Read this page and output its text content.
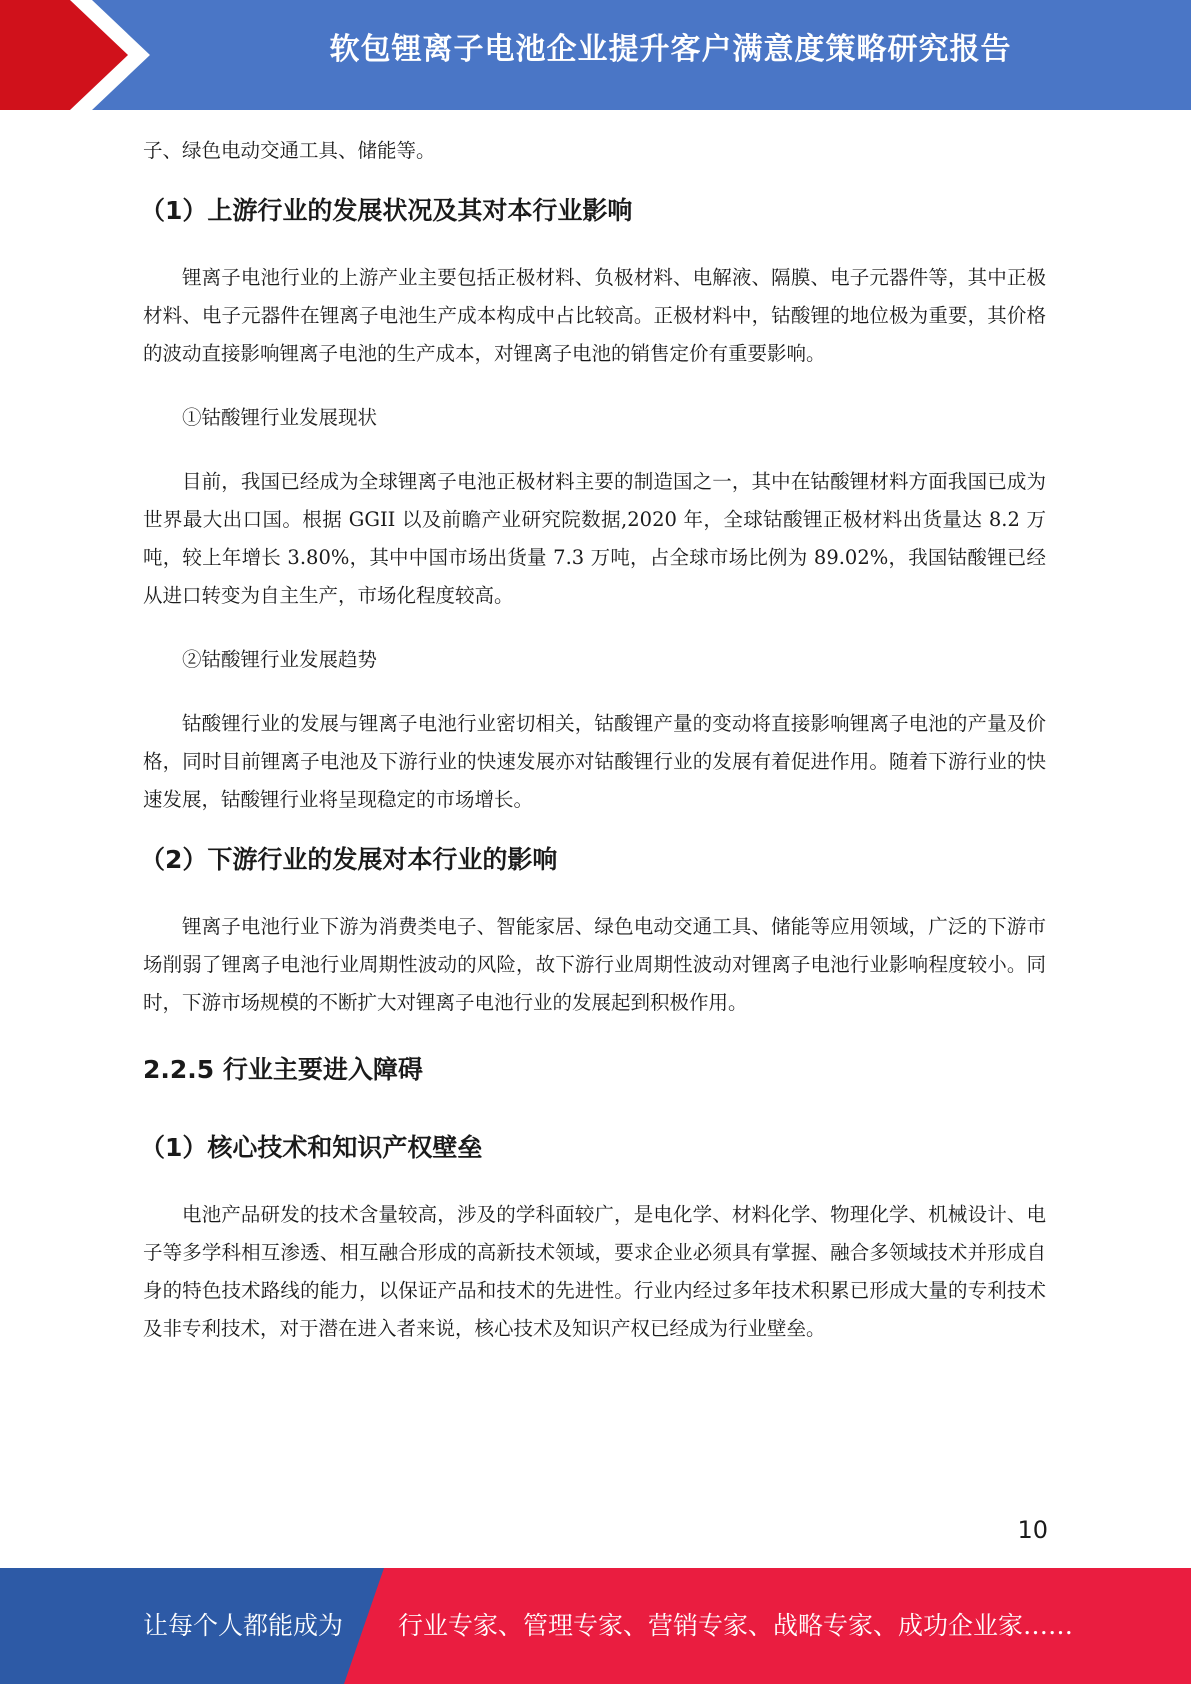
软包锂离子电池企业提升客户满意度策略研究报告

子、绿色电动交通工具、储能等。

（1）上游行业的发展状况及其对本行业影响

锂离子电池行业的上游产业主要包括正极材料、负极材料、电解液、隔膜、电子元器件等，其中正极材料、电子元器件在锂离子电池生产成本构成中占比较高。正极材料中，钴酸锂的地位极为重要，其价格的波动直接影响锂离子电池的生产成本，对锂离子电池的销售定价有重要影响。

①钴酸锂行业发展现状

目前，我国已经成为全球锂离子电池正极材料主要的制造国之一，其中在钴酸锂材料方面我国已成为世界最大出口国。根据 GGII 以及前瞻产业研究院数据,2020 年，全球钴酸锂正极材料出货量达 8.2 万吨，较上年增长 3.80%，其中中国市场出货量 7.3 万吨，占全球市场比例为 89.02%，我国钴酸锂已经从进口转变为自主生产，市场化程度较高。

②钴酸锂行业发展趋势

钴酸锂行业的发展与锂离子电池行业密切相关，钴酸锂产量的变动将直接影响锂离子电池的产量及价格，同时目前锂离子电池及下游行业的快速发展亦对钴酸锂行业的发展有着促进作用。随着下游行业的快速发展，钴酸锂行业将呈现稳定的市场增长。

（2）下游行业的发展对本行业的影响

锂离子电池行业下游为消费类电子、智能家居、绿色电动交通工具、储能等应用领域，广泛的下游市场削弱了锂离子电池行业周期性波动的风险，故下游行业周期性波动对锂离子电池行业影响程度较小。同时，下游市场规模的不断扩大对锂离子电池行业的发展起到积极作用。

2.2.5 行业主要进入障碍
（1）核心技术和知识产权壁垒

电池产品研发的技术含量较高，涉及的学科面较广，是电化学、材料化学、物理化学、机械设计、电子等多学科相互渗透、相互融合形成的高新技术领域，要求企业必须具有掌握、融合多领域技术并形成自身的特色技术路线的能力，以保证产品和技术的先进性。行业内经过多年技术积累已形成大量的专利技术及非专利技术，对于潜在进入者来说，核心技术及知识产权已经成为行业壁垒。

10
让每个人都能成为 行业专家、管理专家、营销专家、战略专家、成功企业家……
